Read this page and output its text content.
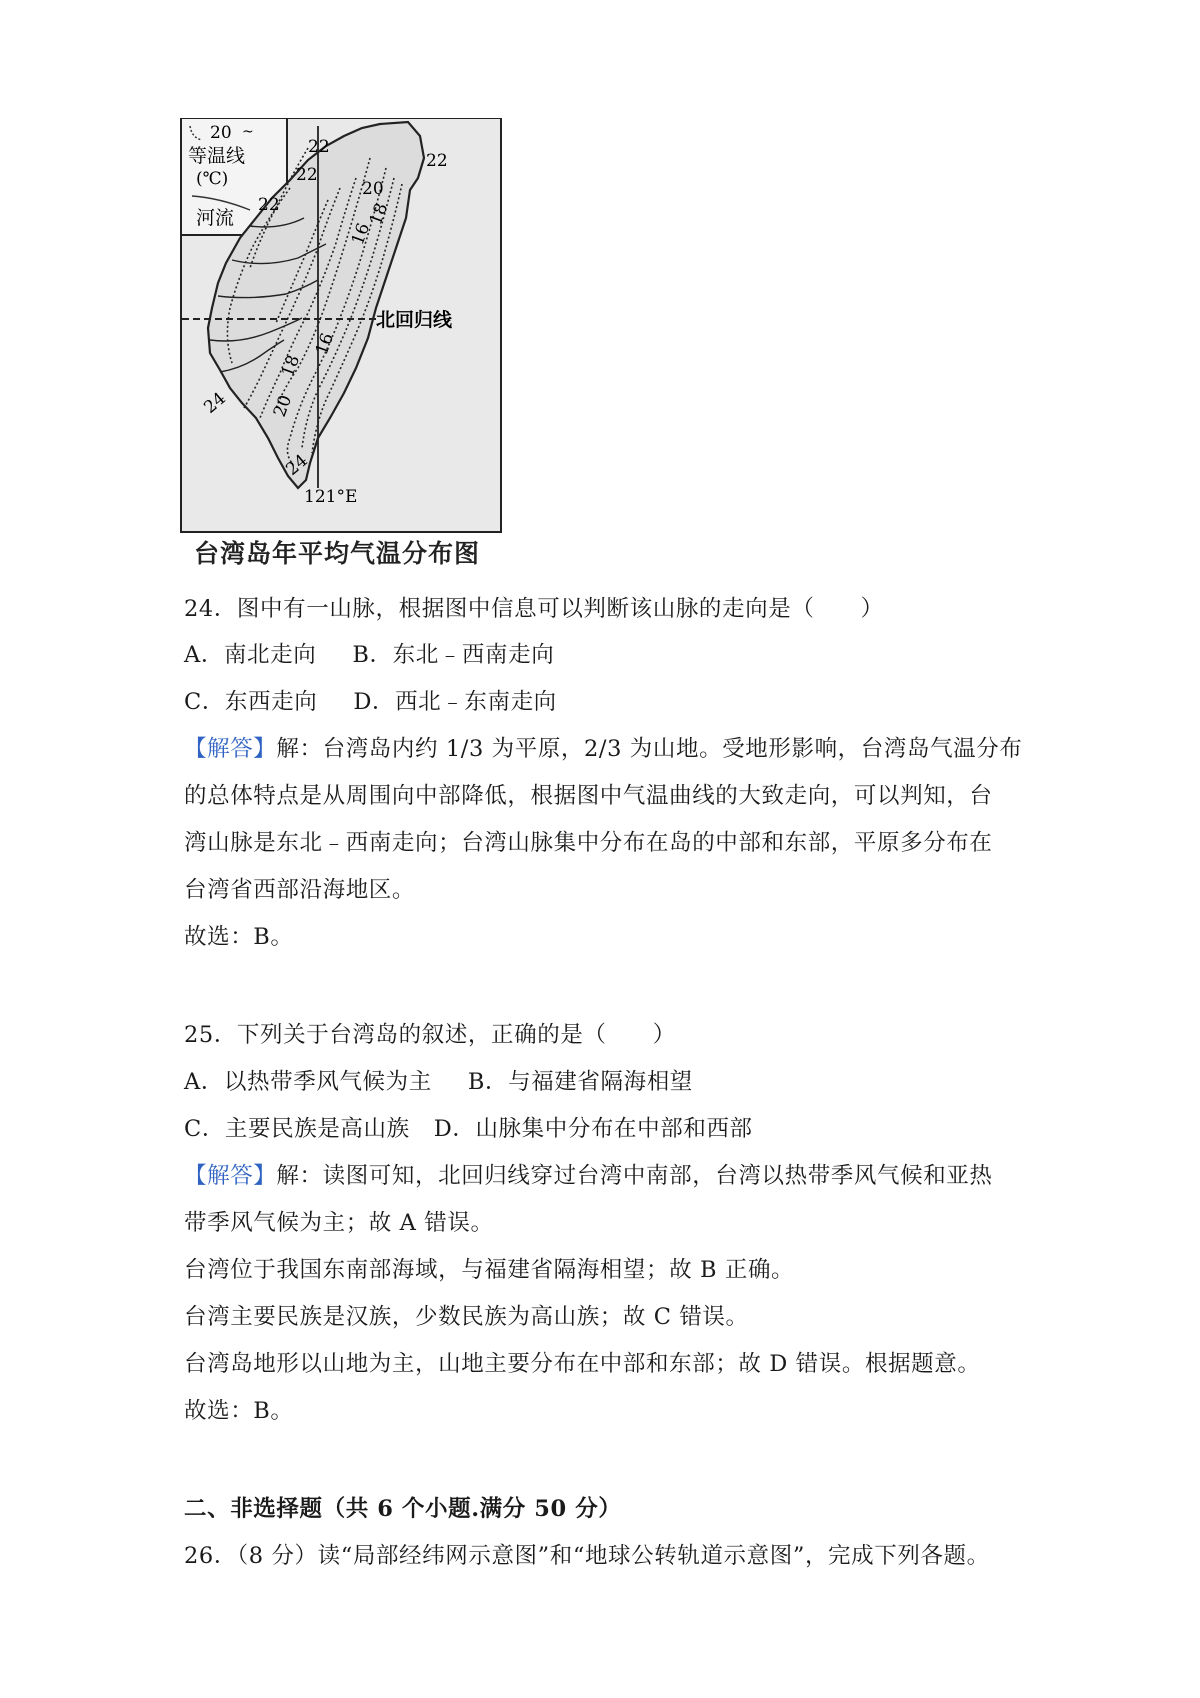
20 ~
等温线
(℃)
河流
北回归线
121°E
22
22
22
22
20
18
16
16
18
20
24
24
台湾岛年平均气温分布图
24．图中有一山脉，根据图中信息可以判断该山脉的走向是（　　）
A．南北走向 B．东北﹣西南走向
C．东西走向 D．西北﹣东南走向
【解答】解：台湾岛内约 1/3 为平原，2/3 为山地。受地形影响，台湾岛气温分布
的总体特点是从周围向中部降低，根据图中气温曲线的大致走向，可以判知，台
湾山脉是东北﹣西南走向；台湾山脉集中分布在岛的中部和东部，平原多分布在
台湾省西部沿海地区。
故选：B。
25．下列关于台湾岛的叙述，正确的是（　　）
A．以热带季风气候为主 B．与福建省隔海相望
C．主要民族是高山族 D．山脉集中分布在中部和西部
【解答】解：读图可知，北回归线穿过台湾中南部，台湾以热带季风气候和亚热
带季风气候为主；故 A 错误。
台湾位于我国东南部海域，与福建省隔海相望；故 B 正确。
台湾主要民族是汉族，少数民族为高山族；故 C 错误。
台湾岛地形以山地为主，山地主要分布在中部和东部；故 D 错误。根据题意。
故选：B。
二、非选择题（共 6 个小题.满分 50 分）
26．（8 分）读“局部经纬网示意图”和“地球公转轨道示意图”，完成下列各题。
